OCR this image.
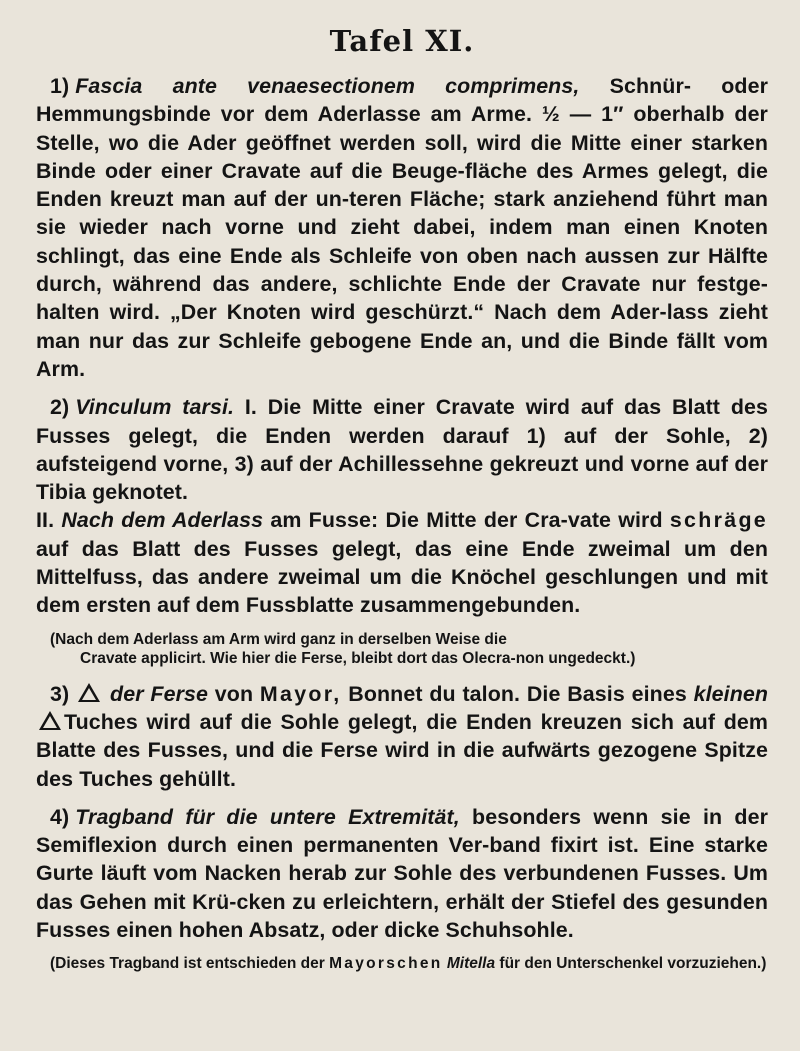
Tafel XI.

1) Fascia ante venaesectionem comprimens, Schnür- oder Hemmungsbinde vor dem Aderlasse am Arme. ½ — 1″ oberhalb der Stelle, wo die Ader geöffnet werden soll, wird die Mitte einer starken Binde oder einer Cravate auf die Beuge-fläche des Armes gelegt, die Enden kreuzt man auf der un-teren Fläche; stark anziehend führt man sie wieder nach vorne und zieht dabei, indem man einen Knoten schlingt, das eine Ende als Schleife von oben nach aussen zur Hälfte durch, während das andere, schlichte Ende der Cravate nur festge-halten wird. „Der Knoten wird geschürzt.“ Nach dem Ader-lass zieht man nur das zur Schleife gebogene Ende an, und die Binde fällt vom Arm.

2) Vinculum tarsi. I. Die Mitte einer Cravate wird auf das Blatt des Fusses gelegt, die Enden werden darauf 1) auf der Sohle, 2) aufsteigend vorne, 3) auf der Achillessehne gekreuzt und vorne auf der Tibia geknotet.
II. Nach dem Aderlass am Fusse: Die Mitte der Cra-vate wird schräge auf das Blatt des Fusses gelegt, das eine Ende zweimal um den Mittelfuss, das andere zweimal um die Knöchel geschlungen und mit dem ersten auf dem Fussblatte zusammengebunden.

(Nach dem Aderlass am Arm wird ganz in derselben Weise die
Cravate applicirt. Wie hier die Ferse, bleibt dort das Olecra-non ungedeckt.)

3) der Ferse von Mayor, Bonnet du talon. Die Basis eines kleinen Tuches wird auf die Sohle gelegt, die Enden kreuzen sich auf dem Blatte des Fusses, und die Ferse wird in die aufwärts gezogene Spitze des Tuches gehüllt.

4) Tragband für die untere Extremität, besonders wenn sie in der Semiflexion durch einen permanenten Ver-band fixirt ist. Eine starke Gurte läuft vom Nacken herab zur Sohle des verbundenen Fusses. Um das Gehen mit Krü-cken zu erleichtern, erhält der Stiefel des gesunden Fusses einen hohen Absatz, oder dicke Schuhsohle.

(Dieses Tragband ist entschieden der Mayorschen Mitella für den Unterschenkel vorzuziehen.)
